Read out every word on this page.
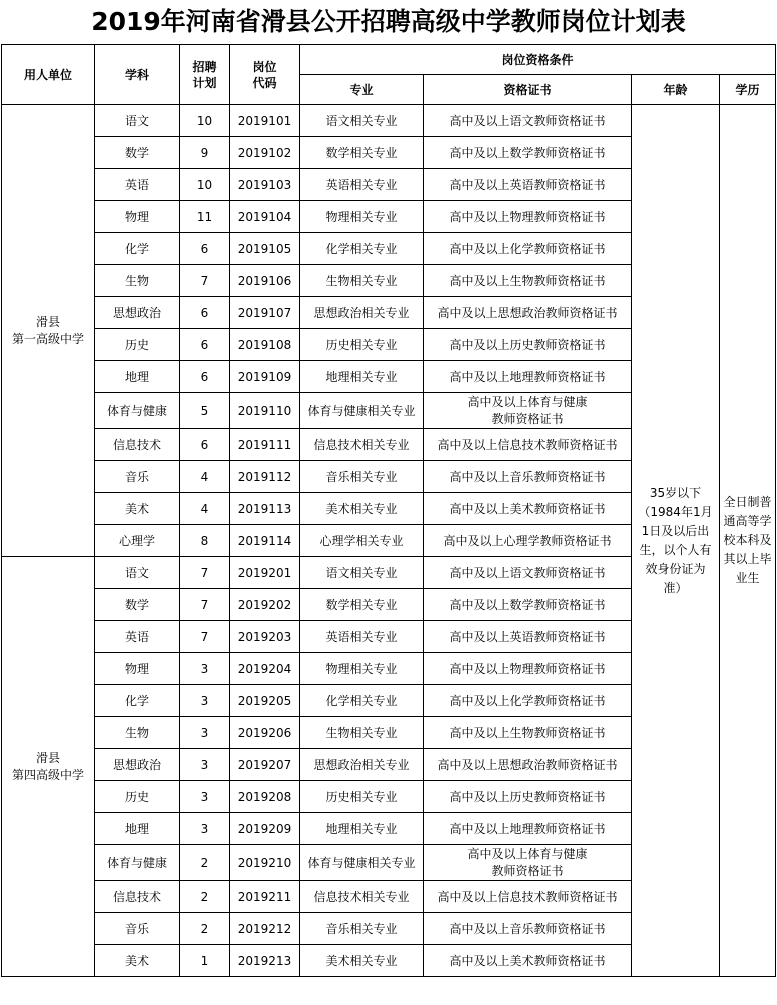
2019年河南省滑县公开招聘高级中学教师岗位计划表
用人单位	学科	招聘计划	岗位代码	岗位资格条件			
				专业	资格证书	年龄	学历
滑县
第一高级中学	语文	10	2019101	语文相关专业	高中及以上语文教师资格证书	35岁以下（1984年1月1日及以后出生，以个人有效身份证为准）	全日制普通高等学校本科及其以上毕业生
	数学	9	2019102	数学相关专业	高中及以上数学教师资格证书		
	英语	10	2019103	英语相关专业	高中及以上英语教师资格证书		
	物理	11	2019104	物理相关专业	高中及以上物理教师资格证书		
	化学	6	2019105	化学相关专业	高中及以上化学教师资格证书		
	生物	7	2019106	生物相关专业	高中及以上生物教师资格证书		
	思想政治	6	2019107	思想政治相关专业	高中及以上思想政治教师资格证书		
	历史	6	2019108	历史相关专业	高中及以上历史教师资格证书		
	地理	6	2019109	地理相关专业	高中及以上地理教师资格证书		
	体育与健康	5	2019110	体育与健康相关专业	高中及以上体育与健康
教师资格证书		
	信息技术	6	2019111	信息技术相关专业	高中及以上信息技术教师资格证书		
	音乐	4	2019112	音乐相关专业	高中及以上音乐教师资格证书		
	美术	4	2019113	美术相关专业	高中及以上美术教师资格证书		
	心理学	8	2019114	心理学相关专业	高中及以上心理学教师资格证书		
滑县
第四高级中学	语文	7	2019201	语文相关专业	高中及以上语文教师资格证书		
	数学	7	2019202	数学相关专业	高中及以上数学教师资格证书		
	英语	7	2019203	英语相关专业	高中及以上英语教师资格证书		
	物理	3	2019204	物理相关专业	高中及以上物理教师资格证书		
	化学	3	2019205	化学相关专业	高中及以上化学教师资格证书		
	生物	3	2019206	生物相关专业	高中及以上生物教师资格证书		
	思想政治	3	2019207	思想政治相关专业	高中及以上思想政治教师资格证书		
	历史	3	2019208	历史相关专业	高中及以上历史教师资格证书		
	地理	3	2019209	地理相关专业	高中及以上地理教师资格证书		
	体育与健康	2	2019210	体育与健康相关专业	高中及以上体育与健康
教师资格证书		
	信息技术	2	2019211	信息技术相关专业	高中及以上信息技术教师资格证书		
	音乐	2	2019212	音乐相关专业	高中及以上音乐教师资格证书		
	美术	1	2019213	美术相关专业	高中及以上美术教师资格证书		
